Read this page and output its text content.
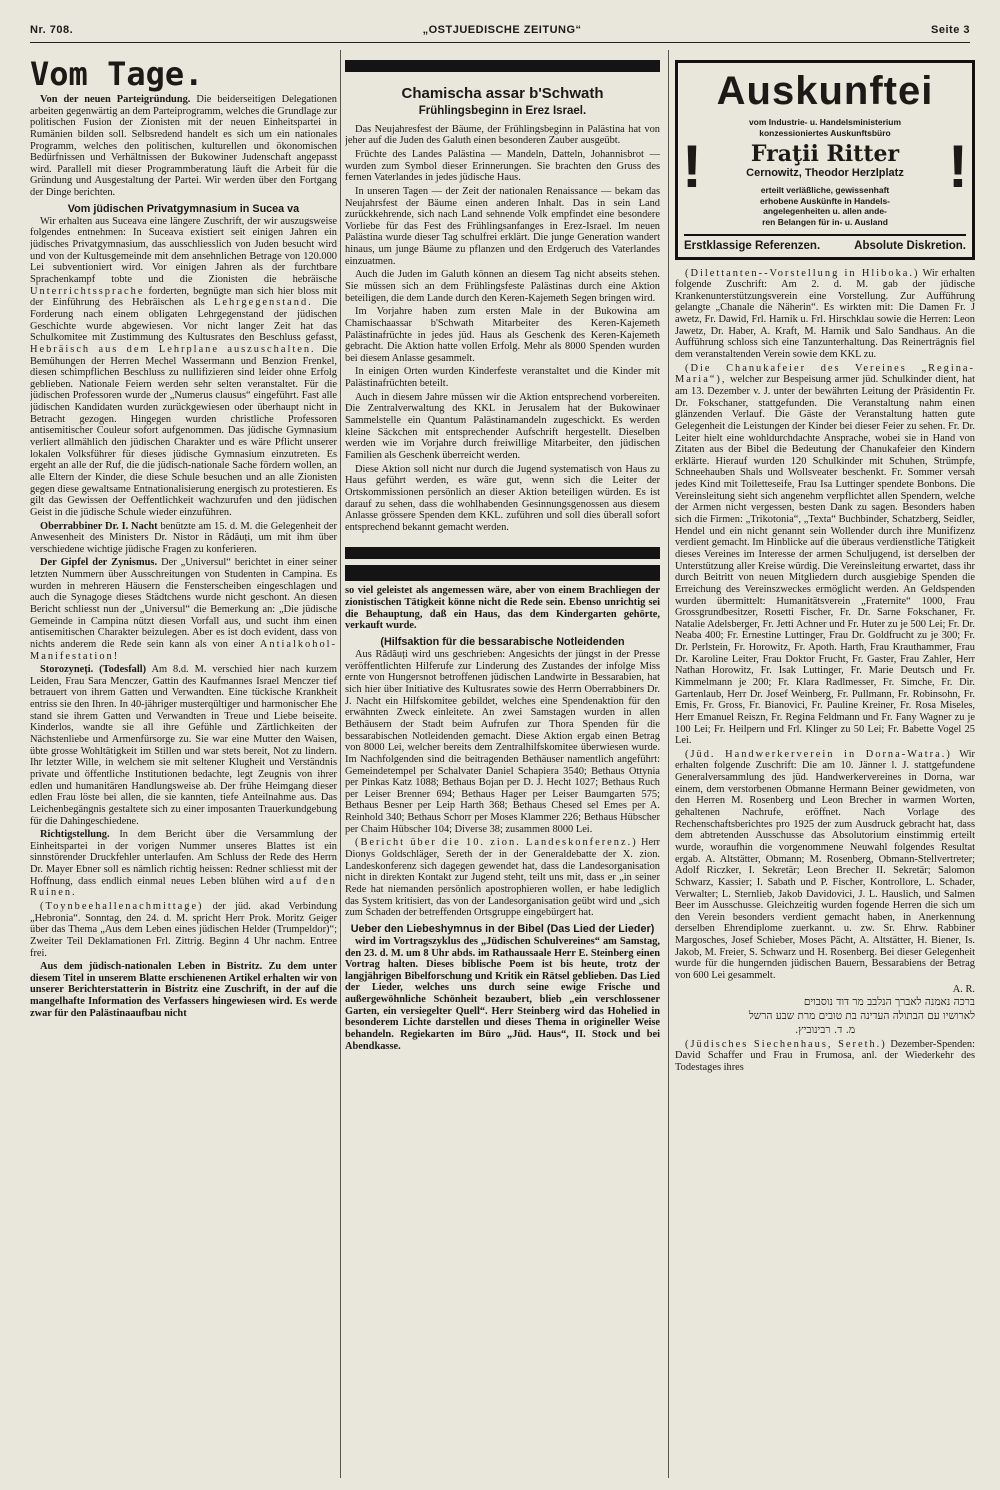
Nr. 708.	„OSTJUEDISCHE ZEITUNG“	Seite 3
Vom Tage.

Von der neuen Parteigründung. Die beiderseitigen Delegationen arbeiten gegenwärtig an dem Parteiprogramm, welches die Grundlage zur politischen Fusion der Zionisten mit der neuen Einheitspartei in Rumänien bilden soll. Selbsredend handelt es sich um ein nationales Programm, welches den politischen, kulturellen und ökonomischen Bedürfnissen und Verhältnissen der Bukowiner Judenschaft angepasst wird. Parallell mit dieser Programmberatung läuft die Arbeit für die Gründung und Ausgestaltung der Partei. Wir werden über den Fortgang der Dinge berichten.

Vom jüdischen Privatgymnasium in Sucea va

Wir erhalten aus Suceava eine längere Zuschrift, der wir auszugsweise folgendes entnehmen: In Suceava existiert seit einigen Jahren ein jüdisches Privatgymnasium, das ausschliesslich von Juden besucht wird und von der Kultusgemeinde mit dem ansehnlichen Betrage von 120.000 Lei subventioniert wird. Vor einigen Jahren als der furchtbare Sprachenkampf tobte und die Zionisten die hebräische Unterrichtssprache forderten, begnügte man sich hier bloss mit der Einführung des Hebräischen als Lehrgegenstand. Die Forderung nach einem obligaten Lehrgegenstand der jüdischen Geschichte wurde abgewiesen. Vor nicht langer Zeit hat das Schulkomitee mit Zustimmung des Kultusrates den Beschluss gefasst, Hebräisch aus dem Lehrplane auszuschalten. Die Bemühungen der Herren Mechel Wassermann und Benzion Frenkel, diesen schimpflichen Beschluss zu nullifizieren sind leider ohne Erfolg geblieben. Nationale Feiern werden sehr selten veranstaltet. Für die jüdischen Professoren wurde der „Numerus clausus“ eingeführt. Fast alle jüdischen Kandidaten wurden zurückgewiesen oder überhaupt nicht in Betracht gezogen. Hingegen wurden christliche Professoren antisemitischer Couleur sofort aufgenommen. Das jüdische Gymnasium verliert allmählich den jüdischen Charakter und es wäre Pflicht unserer lokalen Volksführer für dieses jüdische Gymnasium einzutreten. Es ergeht an alle der Ruf, die die jüdisch-nationale Sache fördern wollen, an alle Eltern der Kinder, die diese Schule besuchen und an alle Zionisten gegen diese gewaltsame Entnationalisierung energisch zu protestieren. Es gilt das Gewissen der Oeffentlichkeit wachzurufen und den jüdischen Geist in die jüdische Schule wieder einzuführen.

Oberrabbiner Dr. I. Nacht benützte am 15. d. M. die Gelegenheit der Anwesenheit des Ministers Dr. Nistor in Rădăuți, um mit ihm über verschiedene wichtige jüdische Fragen zu konferieren.

Der Gipfel der Zynismus. Der „Universul“ berichtet in einer seiner letzten Nummern über Ausschreitungen von Studenten in Campina. Es wurden in mehreren Häusern die Fensterscheiben eingeschlagen und auch die Synagoge dieses Städtchens wurde nicht geschont. An diesen Bericht schliesst nun der „Universul“ die Bemerkung an: „Die jüdische Gemeinde in Campina nützt diesen Vorfall aus, und sucht ihm einen antisemitischen Charakter beizulegen. Aber es ist doch evident, dass von nichts anderem die Rede sein kann als von einer Antialkohol-Manifestation!

Storozyneți. (Todesfall) Am 8.d. M. verschied hier nach kurzem Leiden, Frau Sara Menczer, Gattin des Kaufmannes Israel Menczer tief betrauert von ihrem Gatten und Verwandten. Eine tückische Krankheit entriss sie den Ihren. In 40-jähriger musterqültiger und harmonischer Ehe stand sie ihrem Gatten und Verwandten in Treue und Liebe beiseite. Kinderlos, wandte sie all ihre Gefühle und Zärtlichkeiten der Nächstenliebe und Armenfürsorge zu. Sie war eine Mutter den Waisen, übte grosse Wohltätigkeit im Stillen und war stets bereit, Not zu lindern. Ihr letzter Wille, in welchem sie mit seltener Klugheit und Verständnis private und öffentliche Institutionen bedachte, legt Zeugnis von ihrer edlen und humanitären Handlungsweise ab. Der frühe Heimgang dieser edlen Frau löste bei allen, die sie kannten, tiefe Anteilnahme aus. Das Leichenbegängnis gestaltete sich zu einer imposanten Trauerkundgebung für die Dahingeschiedene.

Richtigstellung. In dem Bericht über die Versammlung der Einheitspartei in der vorigen Nummer unseres Blattes ist ein sinnstörender Druckfehler unterlaufen. Am Schluss der Rede des Herrn Dr. Mayer Ebner soll es nämlich richtig heissen: Redner schliesst mit der Hoffnung, dass endlich einmal neues Leben blühen wird auf den Ruinen.

(Toynbeehallenachmittage) der jüd. akad Verbindung „Hebronia“. Sonntag, den 24. d. M. spricht Herr Prok. Moritz Geiger über das Thema „Aus dem Leben eines jüdischen Helder (Trumpeldor)“; Zweiter Teil Deklamationen Frl. Zittrig. Beginn 4 Uhr nachm. Entree frei.

Aus dem jüdisch-nationalen Leben in Bistritz. Zu dem unter diesem Titel in unserem Blatte erschienenen Artikel erhalten wir von unserer Berichterstatterin in Bistritz eine Zuschrift, in der auf die mangelhafte Information des Verfassers hingewiesen wird. Es werde zwar für den Palästinaaufbau nicht

Chamischa assar b'Schwath
Frühlingsbeginn in Erez Israel.

Das Neujahresfest der Bäume, der Frühlingsbeginn in Palästina hat von jeher auf die Juden des Galuth einen besonderen Zauber ausgeübt.

Früchte des Landes Palästina — Mandeln, Datteln, Johannisbrot — wurden zum Symbol dieser Erinnerungen. Sie brachten den Gruss des fernen Vaterlandes in jedes jüdische Haus.

In unseren Tagen — der Zeit der nationalen Renaissance — bekam das Neujahrsfest der Bäume einen anderen Inhalt. Das in sein Land zurückkehrende, sich nach Land sehnende Volk empfindet eine besondere Vorliebe für das Fest des Frühlingsanfanges in Erez-Israel. Im neuen Palästina wurde dieser Tag schulfrei erklärt. Die junge Generation wandert hinaus, um junge Bäume zu pflanzen und den Erdgeruch des Vaterlandes einzuatmen.

Auch die Juden im Galuth können an diesem Tag nicht abseits stehen. Sie müssen sich an dem Frühlingsfeste Palästinas durch eine Aktion beteiligen, die dem Lande durch den Keren-Kajemeth Segen bringen wird.

Im Vorjahre haben zum ersten Male in der Bukowina am Chamischaassar b'Schwath Mitarbeiter des Keren-Kajemeth Palästinafrüchte in jedes jüd. Haus als Geschenk des Keren-Kajemeth gebracht. Die Aktion hatte vollen Erfolg. Mehr als 8000 Spenden wurden bei diesem Anlasse gesammelt.

In einigen Orten wurden Kinderfeste veranstaltet und die Kinder mit Palästinafrüchten beteilt.

Auch in diesem Jahre müssen wir die Aktion entsprechend vorbereiten. Die Zentralverwaltung des KKL in Jerusalem hat der Bukowinaer Sammelstelle ein Quantum Palästinamandeln zugeschickt. Es werden kleine Säckchen mit entsprechender Aufschrift hergestellt. Dieselben werden wie im Vorjahre durch freiwillige Mitarbeiter, den jüdischen Familien als Geschenk überreicht werden.

Diese Aktion soll nicht nur durch die Jugend systematisch von Haus zu Haus geführt werden, es wäre gut, wenn sich die Leiter der Ortskommissionen persönlich an dieser Aktion beteiligen würden. Es ist darauf zu sehen, dass die wohlhabenden Gesinnungsgenossen aus diesem Anlasse grössere Spenden dem KKL. zuführen und soll dies überall sofort entsprechend bekannt gemacht werden.

so viel geleistet als angemessen wäre, aber von einem Brachliegen der zionistischen Tätigkeit könne nicht die Rede sein. Ebenso unrichtig sei die Behauptung, daß ein Haus, das dem Kindergarten gehörte, verkauft wurde.

(Hilfsaktion für die bessarabische Notleidenden

Aus Rădăuți wird uns geschrieben: Angesichts der jüngst in der Presse veröffentlichten Hilferufe zur Linderung des Zustandes der infolge Miss ernte von Hungersnot betroffenen jüdischen Landwirte in Bessarabien, hat sich hier über Initiative des Kultusrates sowie des Herrn Oberrabbiners Dr. J. Nacht ein Hilfskomitee gebildet, welches eine Spendenaktion für den erwähnten Zweck einleitete. An zwei Samstagen wurden in allen Bethäusern der Stadt beim Aufrufen zur Thora Spenden für die bessarabischen Notleidenden gemacht. Diese Aktion ergab einen Betrag von 8000 Lei, welcher bereits dem Zentralhilfskomitee überwiesen wurde. Im Nachfolgenden sind die beitragenden Bethäuser namentlich angeführt: Gemeindetempel per Schalvater Daniel Schapiera 3540; Bethaus Ottynia per Pinkas Katz 1088; Bethaus Bojan per D. J. Hecht 1027; Bethaus Ruch per Leiser Brenner 694; Bethaus Hager per Leiser Baumgarten 575; Bethaus Besner per Leip Harth 368; Bethaus Chesed sel Emes per A. Reinhold 340; Bethaus Schorr per Moses Klammer 226; Bethaus Hübscher per Chaim Hübscher 104; Diverse 38; zusammen 8000 Lei.

(Bericht über die 10. zion. Landeskonferenz.) Herr Dionys Goldschläger, Sereth der in der Generaldebatte der X. zion. Landeskonferenz sich dagegen gewendet hat, dass die Landesorganisation nicht in direkten Kontakt zur Jugend steht, teilt uns mit, dass er „in seiner Rede hat niemanden persönlich apostrophieren wollen, er habe lediglich das System kritisiert, das von der Landesorganisation geübt wird und „sich zum Schaden der betreffenden Ortsgruppe eingebürgert hat.

Ueber den Liebeshymnus in der Bibel (Das Lied der Lieder)

wird im Vortragszyklus des „Jüdischen Schulvereines“ am Samstag, den 23. d. M. um 8 Uhr abds. im Rathaussaale Herr E. Steinberg einen Vortrag halten. Dieses biblische Poem ist bis heute, trotz der langjährigen Bibelforschung und Kritik ein Rätsel geblieben. Das Lied der Lieder, welches uns durch seine ewige Frische und außergewöhnliche Schönheit bezaubert, blieb „ein verschlossener Garten, ein versiegelter Quell“. Herr Steinberg wird das Hohelied in besonderem Lichte darstellen und dieses Thema in origineller Weise behandeln. Regiekarten im Büro „Jüd. Haus“, II. Stock und bei Abendkasse.

Auskunftei
!	!
vom Industrie- u. Handelsministerium
konzessioniertes Auskunftsbüro
Fraţii Ritter
Cernowitz, Theodor Herzlplatz
erteilt verläßliche, gewissenhaft
erhobene Auskünfte in Handels-
angelegenheiten u. allen ande-
ren Belangen für in- u. Ausland
Erstklassige Referenzen.	Absolute Diskretion.

(Dilettanten--Vorstellung in Hliboka.) Wir erhalten folgende Zuschrift: Am 2. d. M. gab der jüdische Krankenunterstützungsverein eine Vorstellung. Zur Aufführung gelangte „Chanale die Näherin“. Es wirkten mit: Die Damen Fr. J awetz, Fr. Dawid, Frl. Harnik u. Frl. Hirschklau sowie die Herren: Leon Jawetz, Dr. Haber, A. Kraft, M. Harnik und Salo Sandhaus. An die Aufführung schloss sich eine Tanzunterhaltung. Das Reinerträgnis fiel dem veranstaltenden Verein sowie dem KKL zu.

(Die Chanukafeier des Vereines „Regina-Maria“), welcher zur Bespeisung armer jüd. Schulkinder dient, hat am 13. Dezember v. J. unter der bewährten Leitung der Präsidentin Fr. Dr. Fokschaner, stattgefunden. Die Veranstaltung nahm einen glänzenden Verlauf. Die Gäste der Veranstaltung hatten gute Gelegenheit die Leistungen der Kinder bei dieser Feier zu sehen. Fr. Dr. Leiter hielt eine wohldurchdachte Ansprache, wobei sie in Hand von Zitaten aus der Bibel die Bedeutung der Chanukafeier den Kindern erklärte. Hierauf wurden 120 Schulkinder mit Schuhen, Strümpfe, Schneehauben Shals und Wollsveater beschenkt. Fr. Sommer versah jedes Kind mit Toiletteseife, Frau Isa Luttinger spendete Bonbons. Die Vereinsleitung sieht sich angenehm verpflichtet allen Spendern, welche der Armen nicht vergessen, besten Dank zu sagen. Besonders haben sich die Firmen: „Trikotonia“, „Texta“ Buchbinder, Schatzberg, Seidler, Hendel und ein nicht genannt sein Wollender durch ihre Munifizenz verdient gemacht. Im Hinblicke auf die überaus verdienstliche Tätigkeit dieses Vereines im Interesse der armen Schuljugend, ist derselben der Unterstützung aller Kreise würdig. Die Vereinsleitung erwartet, dass ihr durch Beitritt von neuen Mitgliedern durch ausgiebige Spenden die Erreichung des Vereinszweckes ermöglicht werden. An Geldspenden wurden übermittelt: Humanitätsverein „Fraternite“ 1000, Frau Grossgrundbesitzer, Rosetti Fischer, Fr. Dr. Sarne Fokschaner, Fr. Natalie Adelsberger, Fr. Jetti Achner und Fr. Huter zu je 500 Lei; Fr. Dr. Neaba 400; Fr. Ernestine Luttinger, Frau Dr. Goldfrucht zu je 300; Fr. Dr. Perlstein, Fr. Horowitz, Fr. Apoth. Harth, Frau Krauthammer, Frau Dr. Karoline Leiter, Frau Doktor Frucht, Fr. Gaster, Frau Zahler, Herr Nathan Horowitz, Fr. Isak Luttinger, Fr. Marie Deutsch und Fr. Kimmelmann je 200; Fr. Klara Radlmesser, Fr. Simche, Fr. Dir. Gartenlaub, Herr Dr. Josef Weinberg, Fr. Pullmann, Fr. Robinsohn, Fr. Emis, Fr. Gross, Fr. Bianovici, Fr. Pauline Kreiner, Fr. Rosa Miseles, Herr Emanuel Reiszn, Fr. Regina Feldmann und Fr. Fany Wagner zu je 100 Lei; Fr. Heilpern und Frl. Klinger zu 50 Lei; Fr. Babette Vogel 25 Lei.

(Jüd. Handwerkerverein in Dorna-Watra.) Wir erhalten folgende Zuschrift: Die am 10. Jänner l. J. stattgefundene Generalversammlung des jüd. Handwerkervereines in Dorna, war einem, dem verstorbenen Obmanne Hermann Beiner gewidmeten, von den Herren M. Rosenberg und Leon Brecher in warmen Worten, gehaltenen Nachrufe, eröffnet. Nach Vorlage des Rechenschaftsberichtes pro 1925 der zum Ausdruck gebracht hat, dass dem abtretenden Ausschusse das Absolutorium einstimmig erteilt wurde, woraufhin die vorgenommene Neuwahl folgendes Resultat ergab. A. Altstätter, Obmann; M. Rosenberg, Obmann-Stellvertreter; Adolf Riczker, I. Sekretär; Leon Brecher II. Sekretär; Salomon Schwarz, Kassier; I. Sabath und P. Fischer, Kontrollore, L. Schader, Verwalter; L. Sternlieb, Jakob Davidovici, J. L. Hauslich, und Salmen Beer im Ausschusse. Gleichzeitig wurden fogende Herren die sich um den Verein besonders verdient gemacht haben, in Anerkennung derselben Ehrendiplome zuerkannt. u. zw. Sr. Ehrw. Rabbiner Margosches, Josef Schieber, Moses Pächt, A. Altstätter, H. Biener, Is. Jakob, M. Freier, S. Schwarz und H. Rosenberg. Bei dieser Gelegenheit wurde für die hungernden jüdischen Bauern, Bessarabiens der Betrag von 600 Lei gesammelt.

A. R.
ברכה נאמנה לאברך הנלבב מר דוד נוסבוים
לארושיו עם הבתולה העדינה בת טובים מרת שבע הרשל
מ. ד. רבינוביץ.

(Jüdisches Siechenhaus, Sereth.) Dezember-Spenden: David Schaffer und Frau in Frumosa, anl. der Wiederkehr des Todestages ihres
